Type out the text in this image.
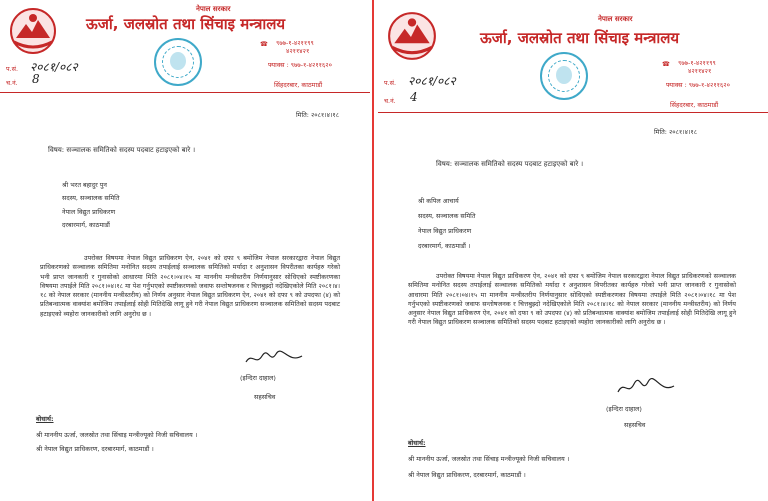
नेपाल सरकार
ऊर्जा, जलस्रोत तथा सिंचाइ मन्त्रालय
☎ ९७७-१-४२११९९
४२११४२१
फ्याक्स : ९७७-१-४२११६२०
सिंहदरबार, काठमाडौं
प.सं. २०८१/०८२
च.नं. 8
मिति: २०८१।४।१८
विषय: सञ्चालक समितिको सदस्य पदबाट हटाइएको बारे ।
श्री भरत बहादुर पुन
सदस्य, सञ्चालक समिति
नेपाल विद्युत प्राधिकरण
दरबारमार्ग, काठमाडौं
उपरोक्त विषयमा नेपाल विद्युत प्राधिकरण ऐन, २०४१ को दफा ९ बमोजिम नेपाल सरकारद्वारा नेपाल विद्युत प्राधिकरणको सञ्चालक समितिमा मनोनित सदस्य तपाईलाई सञ्चालक समितिको मर्यादा र अनुशासन विपरीतका कार्यहरु गरेको भनी प्राप्त जानकारी र गुनासोको आधारमा मिति २०८१।०४।१५ मा माननीय मन्त्रीस्तरीय निर्णयानुसार सोधिएको स्पष्टीकरणका विषयमा तपाईले मिति २०८१।०४।१८ मा पेश गर्नुभएको स्पष्टीकरणको जवाफ सन्तोषजनक र चित्तबुझ्दो नदेखिएकोले मिति २०८१।४।१८ को नेपाल सरकार (माननीय मन्त्रीस्तरीय) को निर्णय अनुसार नेपाल विद्युत प्राधिकरण ऐन, २०४१ को दफा ९ को उपदफा (४) को प्रतिबन्धात्मक वाक्यांश बमोजिम तपाईलाई सोही मितिदेखि लागू हुने गरी नेपाल विद्युत प्राधिकरण सञ्चालक समितिको सदस्य पदबाट हटाइएको व्यहोरा जानकारीको लागि अनुरोध छ ।
(इन्दिरा दाहाल)
सहसचिव
बोधार्थ:
श्री माननीय ऊर्जा, जलस्रोत तथा सिंचाइ मन्त्रीज्यूको निजी सचिवालय ।
श्री नेपाल विद्युत प्राधिकरण, दरबारमार्ग, काठमाडौं ।
नेपाल सरकार
ऊर्जा, जलस्रोत तथा सिंचाइ मन्त्रालय
☎ ९७७-१-४२११९९
४२११४२१
फ्याक्स : ९७७-१-४२११६२०
सिंहदरबार, काठमाडौं
प.सं. २०८१/०८२
च.नं. 4
मिति: २०८१।४।१८
विषय: सञ्चालक समितिको सदस्य पदबाट हटाइएको बारे ।
श्री कपिल आचार्य
सदस्य, सञ्चालक समिति
नेपाल विद्युत प्राधिकरण
दरबारमार्ग, काठमाडौं ।
उपरोक्त विषयमा नेपाल विद्युत प्राधिकरण ऐन, २०४१ को दफा ९ बमोजिम नेपाल सरकारद्वारा नेपाल विद्युत प्राधिकरणको सञ्चालक समितिमा मनोनित सदस्य तपाईलाई सञ्चालक समितिको मर्यादा र अनुशासन विपरीतका कार्यहरु गरेको भनी प्राप्त जानकारी र गुनासोको आधारमा मिति २०८१।०४।१५ मा माननीय मन्त्रीस्तरीय निर्णयानुसार सोधिएको स्पष्टीकरणका विषयमा तपाईले मिति २०८१।०४।१८ मा पेश गर्नुभएको स्पष्टीकरणको जवाफ सन्तोषजनक र चित्तबुझ्दो नदेखिएकोले मिति २०८१।४।१८ को नेपाल सरकार (माननीय मन्त्रीस्तरीय) को निर्णय अनुसार नेपाल विद्युत प्राधिकरण ऐन, २०४१ को दफा ९ को उपदफा (४) को प्रतिबन्धात्मक वाक्यांश बमोजिम तपाईलाई सोही मितिदेखि लागू हुने गरी नेपाल विद्युत प्राधिकरण सञ्चालक समितिको सदस्य पदबाट हटाइएको व्यहोरा जानकारीको लागि अनुरोध छ ।
(इन्दिरा दाहाल)
सहसचिव
बोधार्थ:
श्री माननीय ऊर्जा, जलस्रोत तथा सिंचाइ मन्त्रीज्यूको निजी सचिवालय ।
श्री नेपाल विद्युत प्राधिकरण, दरबारमार्ग, काठमाडौं ।
